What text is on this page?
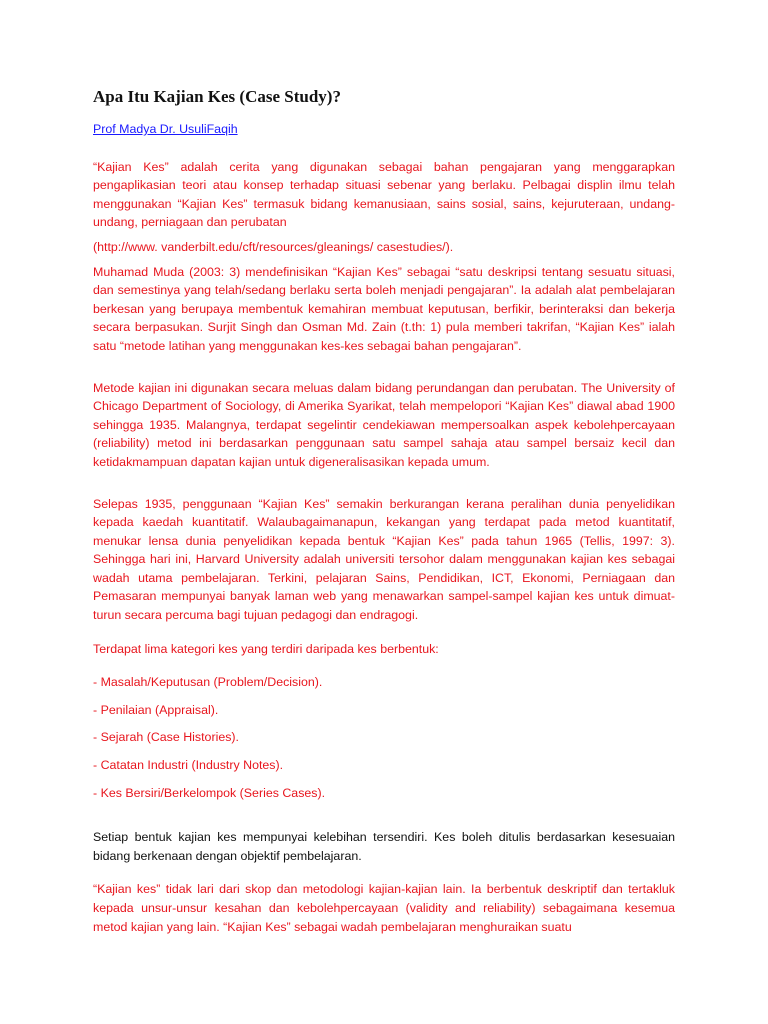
Apa Itu Kajian Kes (Case Study)?
Prof Madya Dr. UsuliFaqih

“Kajian Kes” adalah cerita yang digunakan sebagai bahan pengajaran yang menggarapkan pengaplikasian teori atau konsep terhadap situasi sebenar yang berlaku. Pelbagai displin ilmu telah menggunakan “Kajian Kes” termasuk bidang kemanusiaan, sains sosial, sains, kejuruteraan, undang-undang, perniagaan dan perubatan

(http://www. vanderbilt.edu/cft/resources/gleanings/ casestudies/).

Muhamad Muda (2003: 3) mendefinisikan “Kajian Kes” sebagai “satu deskripsi tentang sesuatu situasi, dan semestinya yang telah/sedang berlaku serta boleh menjadi pengajaran”. Ia adalah alat pembelajaran berkesan yang berupaya membentuk kemahiran membuat keputusan, berfikir, berinteraksi dan bekerja secara berpasukan. Surjit Singh dan Osman Md. Zain (t.th: 1) pula memberi takrifan, “Kajian Kes” ialah satu “metode latihan yang menggunakan kes-kes sebagai bahan pengajaran”.

Metode kajian ini digunakan secara meluas dalam bidang perundangan dan perubatan. The University of Chicago Department of Sociology, di Amerika Syarikat, telah mempelopori “Kajian Kes” diawal abad 1900 sehingga 1935. Malangnya, terdapat segelintir cendekiawan mempersoalkan aspek kebolehpercayaan (reliability) metod ini berdasarkan penggunaan satu sampel sahaja atau sampel bersaiz kecil dan ketidakmampuan dapatan kajian untuk digeneralisasikan kepada umum.

Selepas 1935, penggunaan “Kajian Kes” semakin berkurangan kerana peralihan dunia penyelidikan kepada kaedah kuantitatif. Walaubagaimanapun, kekangan yang terdapat pada metod kuantitatif, menukar lensa dunia penyelidikan kepada bentuk “Kajian Kes” pada tahun 1965 (Tellis, 1997: 3). Sehingga hari ini, Harvard University adalah universiti tersohor dalam menggunakan kajian kes sebagai wadah utama pembelajaran. Terkini, pelajaran Sains, Pendidikan, ICT, Ekonomi, Perniagaan dan Pemasaran mempunyai banyak laman web yang menawarkan sampel-sampel kajian kes untuk dimuat-turun secara percuma bagi tujuan pedagogi dan endragogi.

Terdapat lima kategori kes yang terdiri daripada kes berbentuk:

- Masalah/Keputusan (Problem/Decision).
- Penilaian (Appraisal).
- Sejarah (Case Histories).
- Catatan Industri (Industry Notes).
- Kes Bersiri/Berkelompok (Series Cases).

Setiap bentuk kajian kes mempunyai kelebihan tersendiri. Kes boleh ditulis berdasarkan kesesuaian bidang berkenaan dengan objektif pembelajaran.

“Kajian kes” tidak lari dari skop dan metodologi kajian-kajian lain. Ia berbentuk deskriptif dan tertakluk kepada unsur-unsur kesahan dan kebolehpercayaan (validity and reliability) sebagaimana kesemua metod kajian yang lain. “Kajian Kes” sebagai wadah pembelajaran menghuraikan suatu
